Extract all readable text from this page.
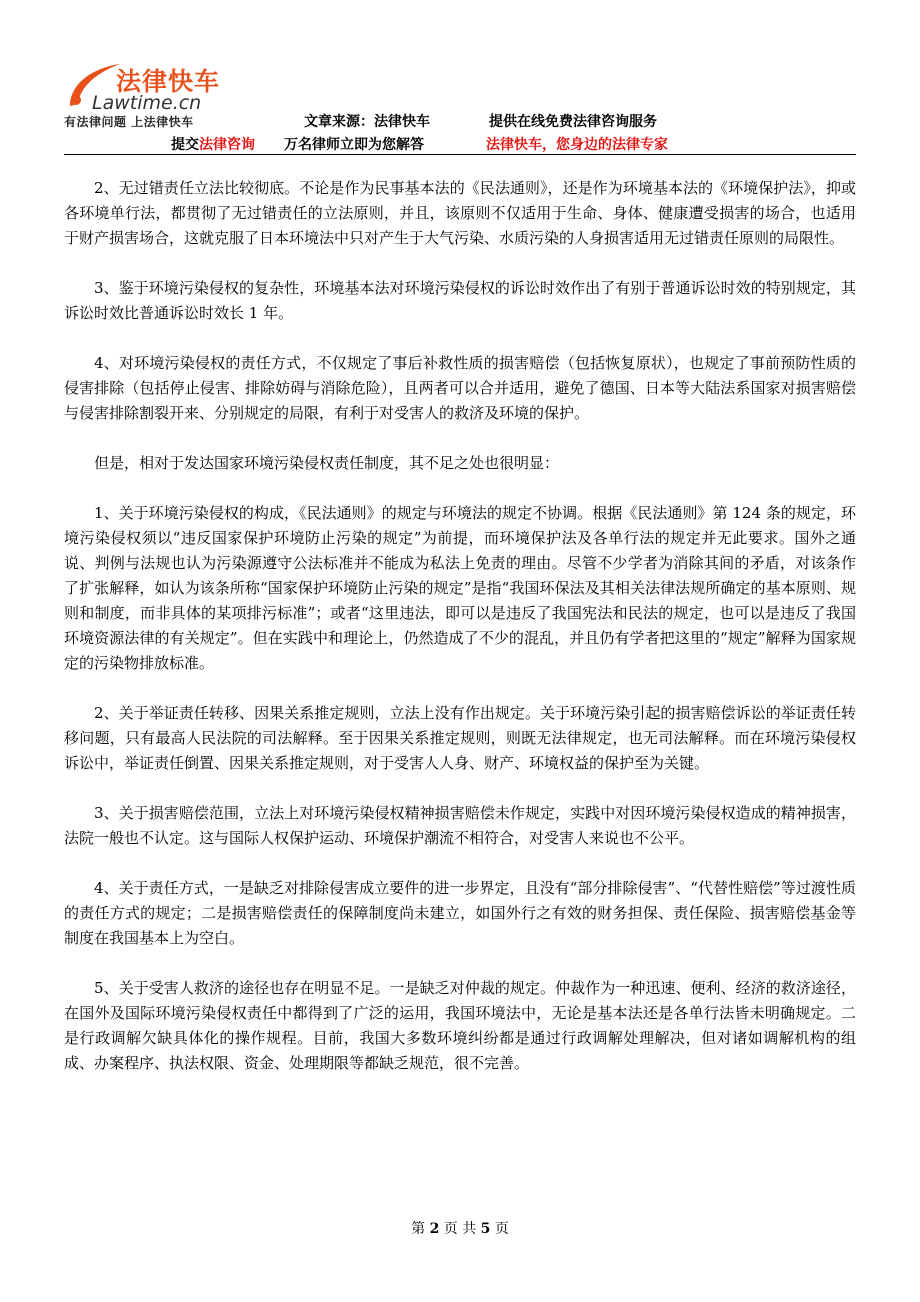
法律快车
Lawtime.cn
有法律问题 上法律快车	文章来源：法律快车	提供在线免费法律咨询服务
提交法律咨询 万名律师立即为您解答	法律快车，您身边的法律专家

2、无过错责任立法比较彻底。不论是作为民事基本法的《民法通则》，还是作为环境基本法的《环境保护法》，抑或各环境单行法，都贯彻了无过错责任的立法原则，并且，该原则不仅适用于生命、身体、健康遭受损害的场合，也适用于财产损害场合，这就克服了日本环境法中只对产生于大气污染、水质污染的人身损害适用无过错责任原则的局限性。

3、鉴于环境污染侵权的复杂性，环境基本法对环境污染侵权的诉讼时效作出了有别于普通诉讼时效的特别规定，其诉讼时效比普通诉讼时效长 1 年。

4、对环境污染侵权的责任方式，不仅规定了事后补救性质的损害赔偿（包括恢复原状），也规定了事前预防性质的侵害排除（包括停止侵害、排除妨碍与消除危险），且两者可以合并适用，避免了德国、日本等大陆法系国家对损害赔偿与侵害排除割裂开来、分别规定的局限，有利于对受害人的救济及环境的保护。

但是，相对于发达国家环境污染侵权责任制度，其不足之处也很明显：

1、关于环境污染侵权的构成，《民法通则》的规定与环境法的规定不协调。根据《民法通则》第 124 条的规定，环境污染侵权须以“违反国家保护环境防止污染的规定”为前提，而环境保护法及各单行法的规定并无此要求。国外之通说、判例与法规也认为污染源遵守公法标准并不能成为私法上免责的理由。尽管不少学者为消除其间的矛盾，对该条作了扩张解释，如认为该条所称“国家保护环境防止污染的规定”是指“我国环保法及其相关法律法规所确定的基本原则、规则和制度，而非具体的某项排污标准”；或者“这里违法，即可以是违反了我国宪法和民法的规定，也可以是违反了我国环境资源法律的有关规定”。但在实践中和理论上，仍然造成了不少的混乱，并且仍有学者把这里的“规定”解释为国家规定的污染物排放标准。

2、关于举证责任转移、因果关系推定规则，立法上没有作出规定。关于环境污染引起的损害赔偿诉讼的举证责任转移问题，只有最高人民法院的司法解释。至于因果关系推定规则，则既无法律规定，也无司法解释。而在环境污染侵权诉讼中，举证责任倒置、因果关系推定规则，对于受害人人身、财产、环境权益的保护至为关键。

3、关于损害赔偿范围，立法上对环境污染侵权精神损害赔偿未作规定，实践中对因环境污染侵权造成的精神损害，法院一般也不认定。这与国际人权保护运动、环境保护潮流不相符合，对受害人来说也不公平。

4、关于责任方式，一是缺乏对排除侵害成立要件的进一步界定，且没有“部分排除侵害”、“代替性赔偿”等过渡性质的责任方式的规定；二是损害赔偿责任的保障制度尚未建立，如国外行之有效的财务担保、责任保险、损害赔偿基金等制度在我国基本上为空白。

5、关于受害人救济的途径也存在明显不足。一是缺乏对仲裁的规定。仲裁作为一种迅速、便利、经济的救济途径，在国外及国际环境污染侵权责任中都得到了广泛的运用，我国环境法中，无论是基本法还是各单行法皆未明确规定。二是行政调解欠缺具体化的操作规程。目前，我国大多数环境纠纷都是通过行政调解处理解决，但对诸如调解机构的组成、办案程序、执法权限、资金、处理期限等都缺乏规范，很不完善。

第 2 页 共 5 页
